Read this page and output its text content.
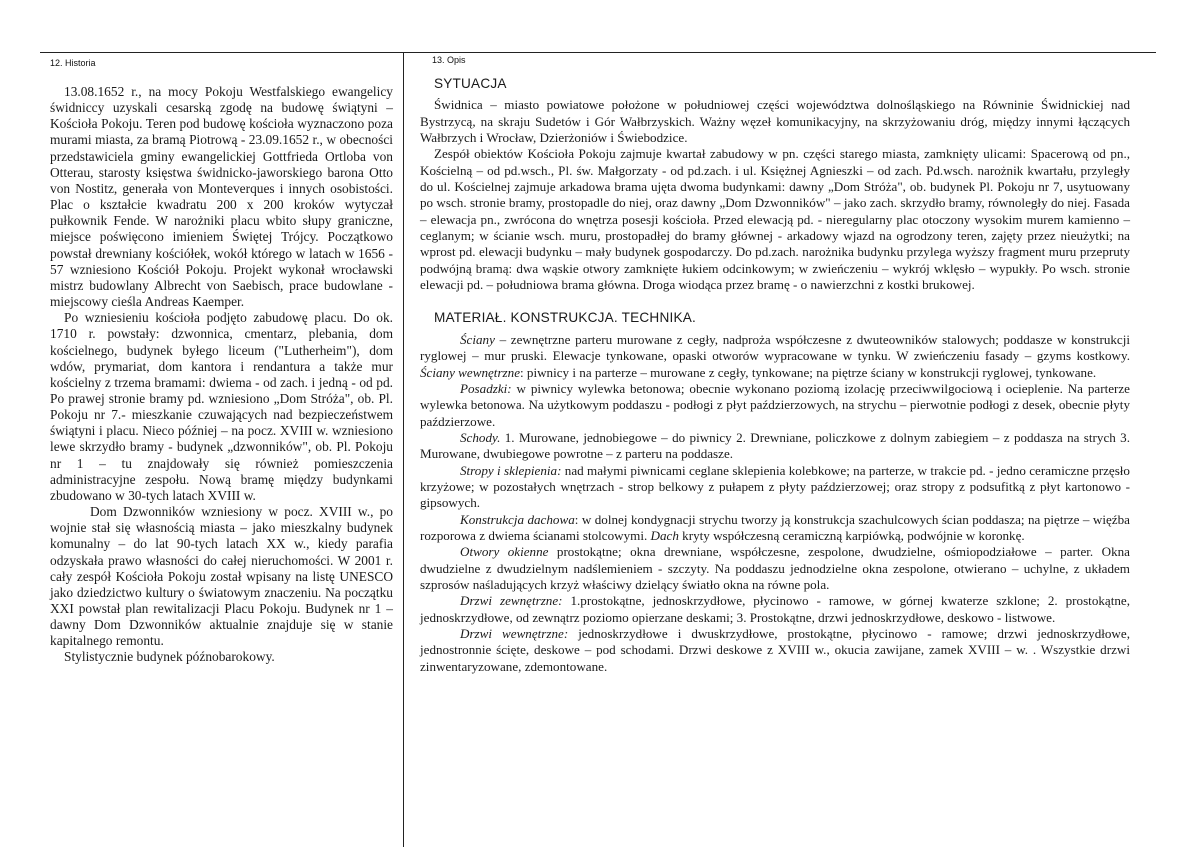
12. Historia	13. Opis

13.08.1652 r., na mocy Pokoju Westfalskiego ewangelicy świdniccy uzyskali cesarską zgodę na budowę świątyni – Kościoła Pokoju. Teren pod budowę kościoła wyznaczono poza murami miasta, za bramą Piotrową - 23.09.1652 r., w obecności przedstawiciela gminy ewangelickiej Gottfrieda Ortloba von Otterau, starosty księstwa świdnicko-jaworskiego barona Otto von Nostitz, generała von Monteverques i innych osobistości. Plac o kształcie kwadratu 200 x 200 kroków wytyczał pułkownik Fende. W narożniki placu wbito słupy graniczne, miejsce poświęcono imieniem Świętej Trójcy. Początkowo powstał drewniany kościółek, wokół którego w latach w 1656 - 57 wzniesiono Kościół Pokoju. Projekt wykonał wrocławski mistrz budowlany Albrecht von Saebisch, prace budowlane - miejscowy cieśla Andreas Kaemper.

Po wzniesieniu kościoła podjęto zabudowę placu. Do ok. 1710 r. powstały: dzwonnica, cmentarz, plebania, dom kościelnego, budynek byłego liceum ("Lutherheim"), dom wdów, prymariat, dom kantora i rendantura a także mur kościelny z trzema bramami: dwiema - od zach. i jedną - od pd. Po prawej stronie bramy pd. wzniesiono „Dom Stróża", ob. Pl. Pokoju nr 7.- mieszkanie czuwających nad bezpieczeństwem świątyni i placu. Nieco później – na pocz. XVIII w. wzniesiono lewe skrzydło bramy - budynek „dzwonników", ob. Pl. Pokoju nr 1 – tu znajdowały się również pomieszczenia administracyjne zespołu. Nową bramę między budynkami zbudowano w 30-tych latach XVIII w.

Dom Dzwonników wzniesiony w pocz. XVIII w., po wojnie stał się własnością miasta – jako mieszkalny budynek komunalny – do lat 90-tych latach XX w., kiedy parafia odzyskała prawo własności do całej nieruchomości. W 2001 r. cały zespół Kościoła Pokoju został wpisany na listę UNESCO jako dziedzictwo kultury o światowym znaczeniu. Na początku XXI powstał plan rewitalizacji Placu Pokoju. Budynek nr 1 – dawny Dom Dzwonników aktualnie znajduje się w stanie kapitalnego remontu.

Stylistycznie budynek późnobarokowy.

SYTUACJA

Świdnica – miasto powiatowe położone w południowej części województwa dolnośląskiego na Równinie Świdnickiej nad Bystrzycą, na skraju Sudetów i Gór Wałbrzyskich. Ważny węzeł komunikacyjny, na skrzyżowaniu dróg, między innymi łączących Wałbrzych i Wrocław, Dzierżoniów i Świebodzice.

Zespół obiektów Kościoła Pokoju zajmuje kwartał zabudowy w pn. części starego miasta, zamknięty ulicami: Spacerową od pn., Kościelną – od pd.wsch., Pl. św. Małgorzaty - od pd.zach. i ul. Księżnej Agnieszki – od zach. Pd.wsch. narożnik kwartału, przyległy do ul. Kościelnej zajmuje arkadowa brama ujęta dwoma budynkami: dawny „Dom Stróża", ob. budynek Pl. Pokoju nr 7, usytuowany po wsch. stronie bramy, prostopadle do niej, oraz dawny „Dom Dzwonników" – jako zach. skrzydło bramy, równoległy do niej. Fasada – elewacja pn., zwrócona do wnętrza posesji kościoła. Przed elewacją pd. - nieregularny plac otoczony wysokim murem kamienno – ceglanym; w ścianie wsch. muru, prostopadłej do bramy głównej - arkadowy wjazd na ogrodzony teren, zajęty przez nieużytki; na wprost pd. elewacji budynku – mały budynek gospodarczy. Do pd.zach. narożnika budynku przylega wyższy fragment muru przepruty podwójną bramą: dwa wąskie otwory zamknięte łukiem odcinkowym; w zwieńczeniu – wykrój wklęsło – wypukły. Po wsch. stronie elewacji pd. – południowa brama główna. Droga wiodąca przez bramę - o nawierzchni z kostki brukowej.

MATERIAŁ. KONSTRUKCJA. TECHNIKA.

Ściany – zewnętrzne parteru murowane z cegły, nadproża współczesne z dwuteowników stalowych; poddasze w konstrukcji ryglowej – mur pruski. Elewacje tynkowane, opaski otworów wypracowane w tynku. W zwieńczeniu fasady – gzyms kostkowy. Ściany wewnętrzne: piwnicy i na parterze – murowane z cegły, tynkowane; na piętrze ściany w konstrukcji ryglowej, tynkowane.

Posadzki: w piwnicy wylewka betonowa; obecnie wykonano poziomą izolację przeciwwilgociową i ocieplenie. Na parterze wylewka betonowa. Na użytkowym poddaszu - podłogi z płyt paździerzowych, na strychu – pierwotnie podłogi z desek, obecnie płyty paździerzowe.

Schody. 1. Murowane, jednobiegowe – do piwnicy 2. Drewniane, policzkowe z dolnym zabiegiem – z poddasza na strych 3. Murowane, dwubiegowe powrotne – z parteru na poddasze.

Stropy i sklepienia: nad małymi piwnicami ceglane sklepienia kolebkowe; na parterze, w trakcie pd. - jedno ceramiczne przęsło krzyżowe; w pozostałych wnętrzach - strop belkowy z pułapem z płyty paździerzowej; oraz stropy z podsufitką z płyt kartonowo - gipsowych.

Konstrukcja dachowa: w dolnej kondygnacji strychu tworzy ją konstrukcja szachulcowych ścian poddasza; na piętrze – więźba rozporowa z dwiema ścianami stolcowymi. Dach kryty współczesną ceramiczną karpiówką, podwójnie w koronkę.

Otwory okienne prostokątne; okna drewniane, współczesne, zespolone, dwudzielne, ośmiopodziałowe – parter. Okna dwudzielne z dwudzielnym nadślemieniem - szczyty. Na poddaszu jednodzielne okna zespolone, otwierano – uchylne, z układem szprosów naśladujących krzyż właściwy dzielący światło okna na równe pola.

Drzwi zewnętrzne: 1.prostokątne, jednoskrzydłowe, płycinowo - ramowe, w górnej kwaterze szklone; 2. prostokątne, jednoskrzydłowe, od zewnątrz poziomo opierzane deskami; 3. Prostokątne, drzwi jednoskrzydłowe, deskowo - listwowe.

Drzwi wewnętrzne: jednoskrzydłowe i dwuskrzydłowe, prostokątne, płycinowo - ramowe; drzwi jednoskrzydłowe, jednostronnie ścięte, deskowe – pod schodami. Drzwi deskowe z XVIII w., okucia zawijane, zamek XVIII – w. . Wszystkie drzwi zinwentaryzowane, zdemontowane.
